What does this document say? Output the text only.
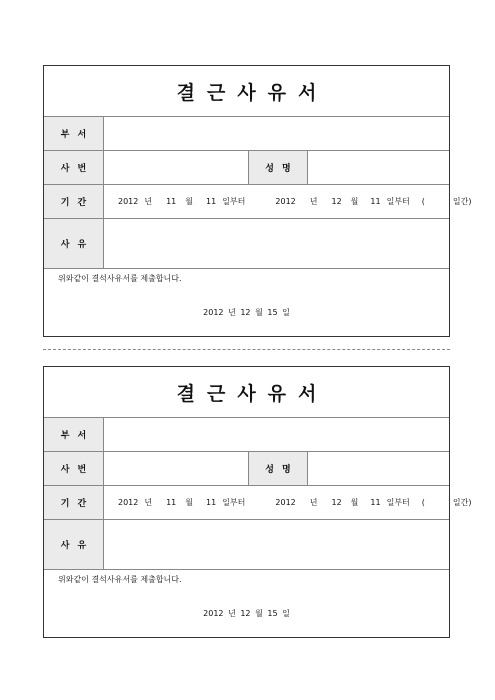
결근사유서
부서
사번	성명
기간	2012 년 11 월 11 일부터	2012 년 12 월 11 일부터 (	일간)
사유
위와같이 결석사유서를 제출합니다.
2012 년 12 월 15 일
결근사유서
부서
사번	성명
기간	2012 년 11 월 11 일부터	2012 년 12 월 11 일부터 (	일간)
사유
위와같이 결석사유서를 제출합니다.
2012 년 12 월 15 일
